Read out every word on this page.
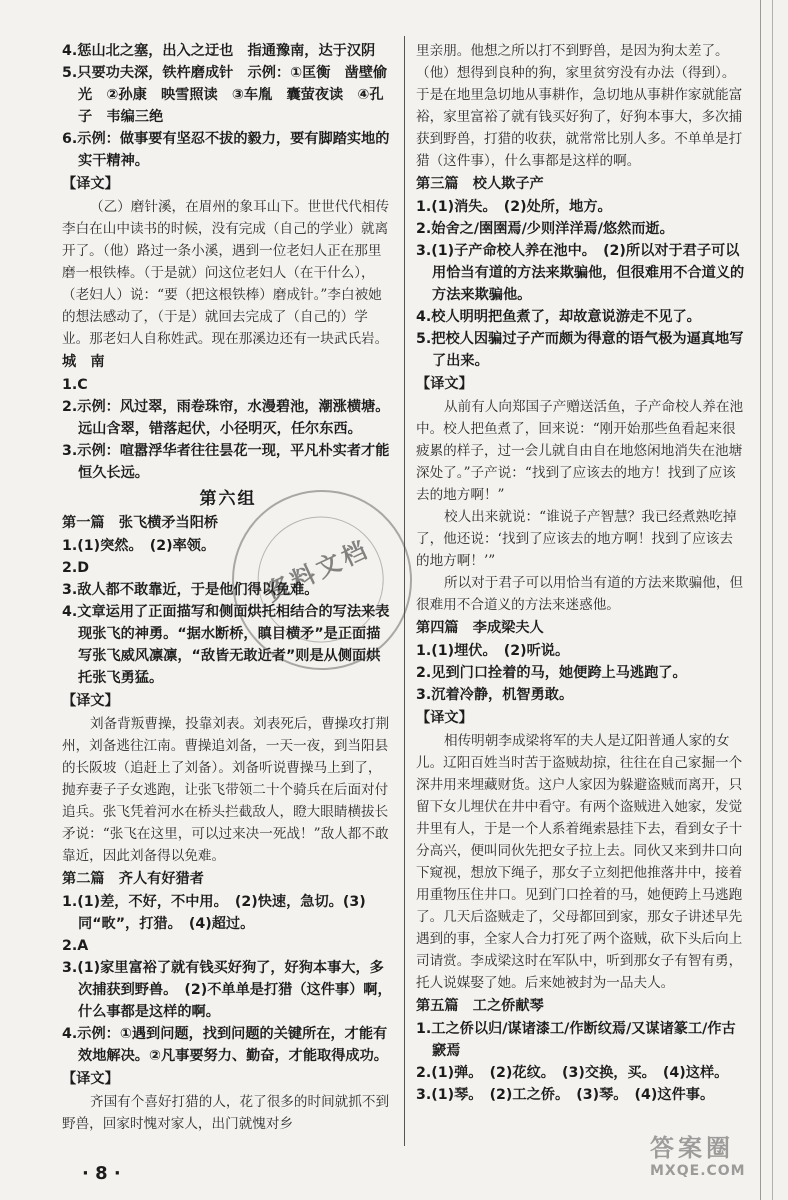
4.惩山北之塞，出入之迂也　指通豫南，达于汉阴

5.只要功夫深，铁杵磨成针　示例：①匡衡　凿壁偷光　②孙康　映雪照读　③车胤　囊萤夜读　④孔子　韦编三绝

6.示例：做事要有坚忍不拔的毅力，要有脚踏实地的实干精神。

【译文】
（乙）磨针溪，在眉州的象耳山下。世世代代相传李白在山中读书的时候，没有完成（自己的学业）就离开了。（他）路过一条小溪，遇到一位老妇人正在那里磨一根铁棒。（于是就）问这位老妇人（在干什么），（老妇人）说：“要（把这根铁棒）磨成针。”李白被她的想法感动了，（于是）就回去完成了（自己的）学业。那老妇人自称姓武。现在那溪边还有一块武氏岩。
城　南

1.C

2.示例：风过翠，雨卷珠帘，水漫碧池，潮涨横塘。远山含翠，错落起伏，小径明灭，任尔东西。

3.示例：喧嚣浮华者往往昙花一现，平凡朴实者才能恒久长远。

第六组
第一篇　张飞横矛当阳桥

1.(1)突然。　(2)率领。

2.D

3.敌人都不敢靠近，于是他们得以免难。

4.文章运用了正面描写和侧面烘托相结合的写法来表现张飞的神勇。“据水断桥，瞋目横矛”是正面描写张飞威风凛凛，“敌皆无敢近者”则是从侧面烘托张飞勇猛。

【译文】
刘备背叛曹操，投靠刘表。刘表死后，曹操攻打荆州，刘备逃往江南。曹操追刘备，一天一夜，到当阳县的长阪坡（追赶上了刘备）。刘备听说曹操马上到了，抛弃妻子子女逃跑，让张飞带领二十个骑兵在后面对付追兵。张飞凭着河水在桥头拦截敌人，瞪大眼睛横拔长矛说：“张飞在这里，可以过来决一死战！”敌人都不敢靠近，因此刘备得以免难。
第二篇　齐人有好猎者

1.(1)差，不好，不中用。　(2)快速，急切。(3)同“畋”，打猎。　(4)超过。

2.A

3.(1)家里富裕了就有钱买好狗了，好狗本事大，多次捕获到野兽。　(2)不单单是打猎（这件事）啊，什么事都是这样的啊。

4.示例：①遇到问题，找到问题的关键所在，才能有效地解决。②凡事要努力、勤奋，才能取得成功。

【译文】
齐国有个喜好打猎的人，花了很多的时间就抓不到野兽，回家时愧对家人，出门就愧对乡
里亲朋。他想之所以打不到野兽，是因为狗太差了。（他）想得到良种的狗，家里贫穷没有办法（得到）。于是在地里急切地从事耕作，急切地从事耕作家就能富裕，家里富裕了就有钱买好狗了，好狗本事大，多次捕获到野兽，打猎的收获，就常常比别人多。不单单是打猎（这件事），什么事都是这样的啊。
第三篇　校人欺子产

1.(1)消失。　(2)处所，地方。

2.始舍之/圉圉焉/少则洋洋焉/悠然而逝。

3.(1)子产命校人养在池中。　(2)所以对于君子可以用恰当有道的方法来欺骗他，但很难用不合道义的方法来欺骗他。

4.校人明明把鱼煮了，却故意说游走不见了。

5.把校人因骗过子产而颇为得意的语气极为逼真地写了出来。

【译文】
从前有人向郑国子产赠送活鱼，子产命校人养在池中。校人把鱼煮了，回来说：“刚开始那些鱼看起来很疲累的样子，过一会儿就自由自在地悠闲地消失在池塘深处了。”子产说：“找到了应该去的地方！找到了应该去的地方啊！”
校人出来就说：“谁说子产智慧？我已经煮熟吃掉了，他还说：‘找到了应该去的地方啊！找到了应该去的地方啊！’”
所以对于君子可以用恰当有道的方法来欺骗他，但很难用不合道义的方法来迷惑他。
第四篇　李成梁夫人

1.(1)埋伏。　(2)听说。

2.见到门口拴着的马，她便跨上马逃跑了。

3.沉着冷静，机智勇敢。

【译文】
相传明朝李成梁将军的夫人是辽阳普通人家的女儿。辽阳百姓当时苦于盗贼劫掠，往往在自己家掘一个深井用来埋藏财货。这户人家因为躲避盗贼而离开，只留下女儿埋伏在井中看守。有两个盗贼进入她家，发觉井里有人，于是一个人系着绳索悬挂下去，看到女子十分高兴，便叫同伙先把女子拉上去。同伙又来到井口向下窥视，想放下绳子，那女子立刻把他推落井中，接着用重物压住井口。见到门口拴着的马，她便跨上马逃跑了。几天后盗贼走了，父母都回到家，那女子讲述早先遇到的事，全家人合力打死了两个盗贼，砍下头后向上司请赏。李成梁这时在军队中，听到那女子有智有勇，托人说媒娶了她。后来她被封为一品夫人。
第五篇　工之侨献琴

1.工之侨以归/谋诸漆工/作断纹焉/又谋诸篆工/作古窾焉

2.(1)弹。　(2)花纹。　(3)交换，买。　(4)这样。

3.(1)琴。　(2)工之侨。　(3)琴。　(4)这件事。

· 8 ·
资料文档
答案圈
MXQE.COM
